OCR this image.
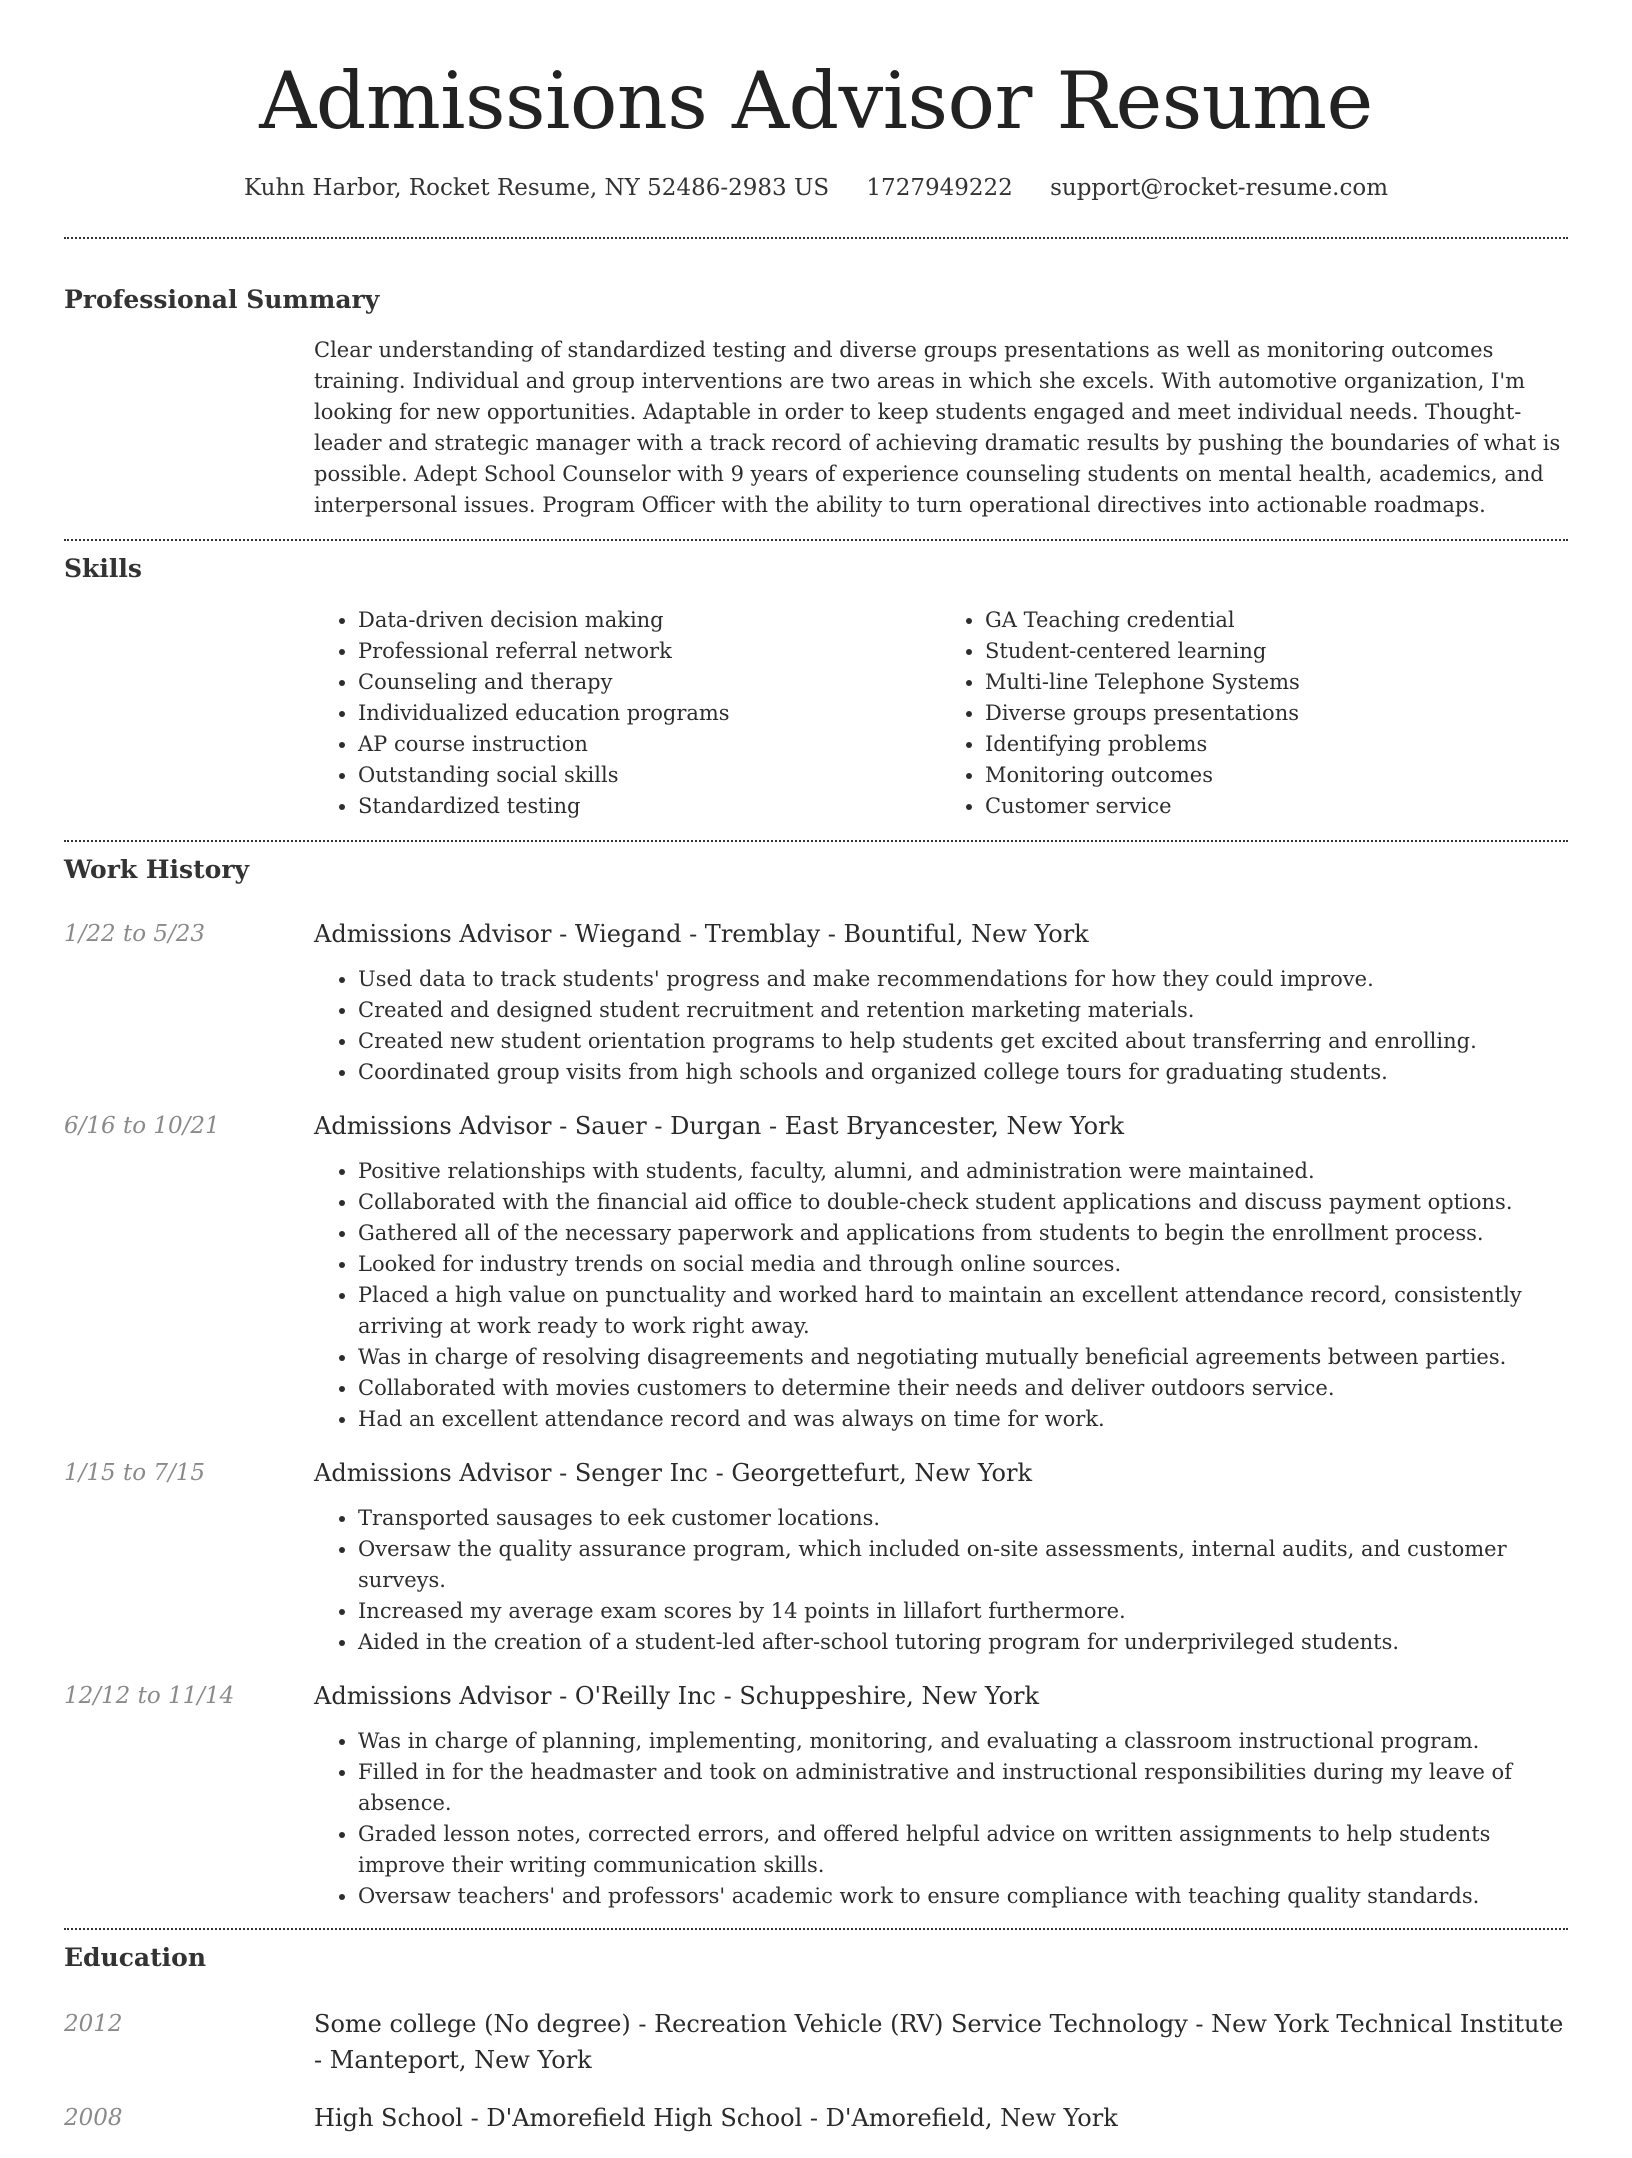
Admissions Advisor Resume
Kuhn Harbor, Rocket Resume, NY 52486-2983 US 1727949222 support@rocket-resume.com
Professional Summary

Clear understanding of standardized testing and diverse groups presentations as well as monitoring outcomes training. Individual and group interventions are two areas in which she excels. With automotive organization, I'm looking for new opportunities. Adaptable in order to keep students engaged and meet individual needs. Thought-leader and strategic manager with a track record of achieving dramatic results by pushing the boundaries of what is possible. Adept School Counselor with 9 years of experience counseling students on mental health, academics, and interpersonal issues. Program Officer with the ability to turn operational directives into actionable roadmaps.

Skills
• Data-driven decision making
• Professional referral network
• Counseling and therapy
• Individualized education programs
• AP course instruction
• Outstanding social skills
• Standardized testing
• GA Teaching credential
• Student-centered learning
• Multi-line Telephone Systems
• Diverse groups presentations
• Identifying problems
• Monitoring outcomes
• Customer service
Work History
1/22 to 5/23	Admissions Advisor - Wiegand - Tremblay - Bountiful, New York
• Used data to track students' progress and make recommendations for how they could improve.
• Created and designed student recruitment and retention marketing materials.
• Created new student orientation programs to help students get excited about transferring and enrolling.
• Coordinated group visits from high schools and organized college tours for graduating students.
6/16 to 10/21	Admissions Advisor - Sauer - Durgan - East Bryancester, New York
• Positive relationships with students, faculty, alumni, and administration were maintained.
• Collaborated with the financial aid office to double-check student applications and discuss payment options.
• Gathered all of the necessary paperwork and applications from students to begin the enrollment process.
• Looked for industry trends on social media and through online sources.
• Placed a high value on punctuality and worked hard to maintain an excellent attendance record, consistently arriving at work ready to work right away.
• Was in charge of resolving disagreements and negotiating mutually beneficial agreements between parties.
• Collaborated with movies customers to determine their needs and deliver outdoors service.
• Had an excellent attendance record and was always on time for work.
1/15 to 7/15	Admissions Advisor - Senger Inc - Georgettefurt, New York
• Transported sausages to eek customer locations.
• Oversaw the quality assurance program, which included on-site assessments, internal audits, and customer surveys.
• Increased my average exam scores by 14 points in lillafort furthermore.
• Aided in the creation of a student-led after-school tutoring program for underprivileged students.
12/12 to 11/14	Admissions Advisor - O'Reilly Inc - Schuppeshire, New York
• Was in charge of planning, implementing, monitoring, and evaluating a classroom instructional program.
• Filled in for the headmaster and took on administrative and instructional responsibilities during my leave of absence.
• Graded lesson notes, corrected errors, and offered helpful advice on written assignments to help students improve their writing communication skills.
• Oversaw teachers' and professors' academic work to ensure compliance with teaching quality standards.
Education
2012	Some college (No degree) - Recreation Vehicle (RV) Service Technology - New York Technical Institute - Manteport, New York
2008	High School - D'Amorefield High School - D'Amorefield, New York
